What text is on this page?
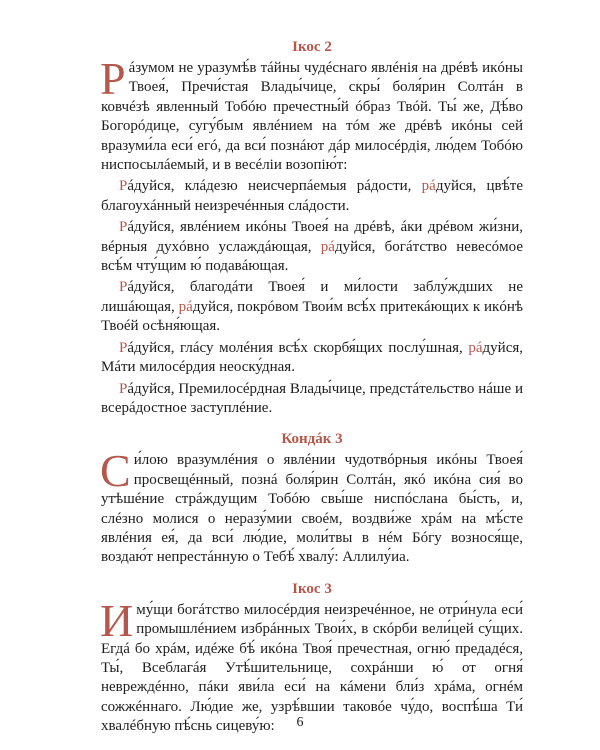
Ікос 2

Рáзумом не уразумѣ́в тáйны чудéснаго явлéнія на дрéвѣ икóны Твоея́, Пречи́стая Влады́чице, скры́ боля́рин Солтáн в ковчéзѣ явленный Тобóю пречестны́й óбраз Твóй. Ты́ же, Дѣ́во Богорóдице, сугу́бым явлéнием на тóм же дрéвѣ икóны сей вразуми́ла еси́ егó, да вси́ познáют дáр милосéрдія, лю́дем Тобóю ниспосылáемый, и в весéліи возопію́т:

Рáдуйся, клáдезю неисчерпáемыя рáдости, рáдуйся, цвѣ́те благоухáнный неизречéнныя слáдости.

Рáдуйся, явлéнием икóны Твоея́ на дрéвѣ, áки дрéвом жи́зни, вéрныя духóвно услаждáющая, рáдуйся, богáтство невесóмое всѣ́м чту́щим ю́ подавáющая.

Рáдуйся, благодáти Твоея́ и ми́лости заблу́ждших не лишáющая, рáдуйся, покрóвом Твои́м всѣ́х притекáющих к икóнѣ Твоéй осѣня́ющая.

Рáдуйся, глáсу молéния всѣ́х скорбя́щих послу́шная, рáдуйся, Мáти милосéрдия неоску́дная.

Рáдуйся, Премилосéрдная Влады́чице, предстáтельство нáше и всерáдостное заступлéние.

Кондáк 3

Си́лою вразумлéния о явлéнии чудотвóрныя икóны Твоея́ просвещéнный, познá боля́рин Солтáн, якó икóна сия́ во утѣшéние стрáждущим Тобóю свы́ше ниспóслана бы́сть, и, слéзно молися о неразу́мии своéм, воздви́же хрáм на мѣ́сте явлéния ея́, да вси́ лю́дие, моли́твы в нéм Бóгу вознося́ще, воздаю́т непрестáнную о Тебѣ́ хвалу́: Аллилу́иа.

Ікос 3

Иму́щи богáтство милосéрдия неизречéнное, не отри́нула еси́ промышлéнием избрáнных Твои́х, в скóрби вели́цей су́щих. Егдá бо хрáм, идéже бѣ́ икóна Твоя́ пречестная, огню́ предадéся, Ты́, Всеблагáя Утѣ́шительнице, сохрáнши ю́ от огня́ невреждéнно, пáки яви́ла еси́ на кáмени бли́з хрáма, огнéм сожжéннаго. Лю́дие же, узрѣ́вшии таковóе чу́до, воспѣ́ша Ти́ хвалéбную пѣ́снь сицеву́ю:	6
